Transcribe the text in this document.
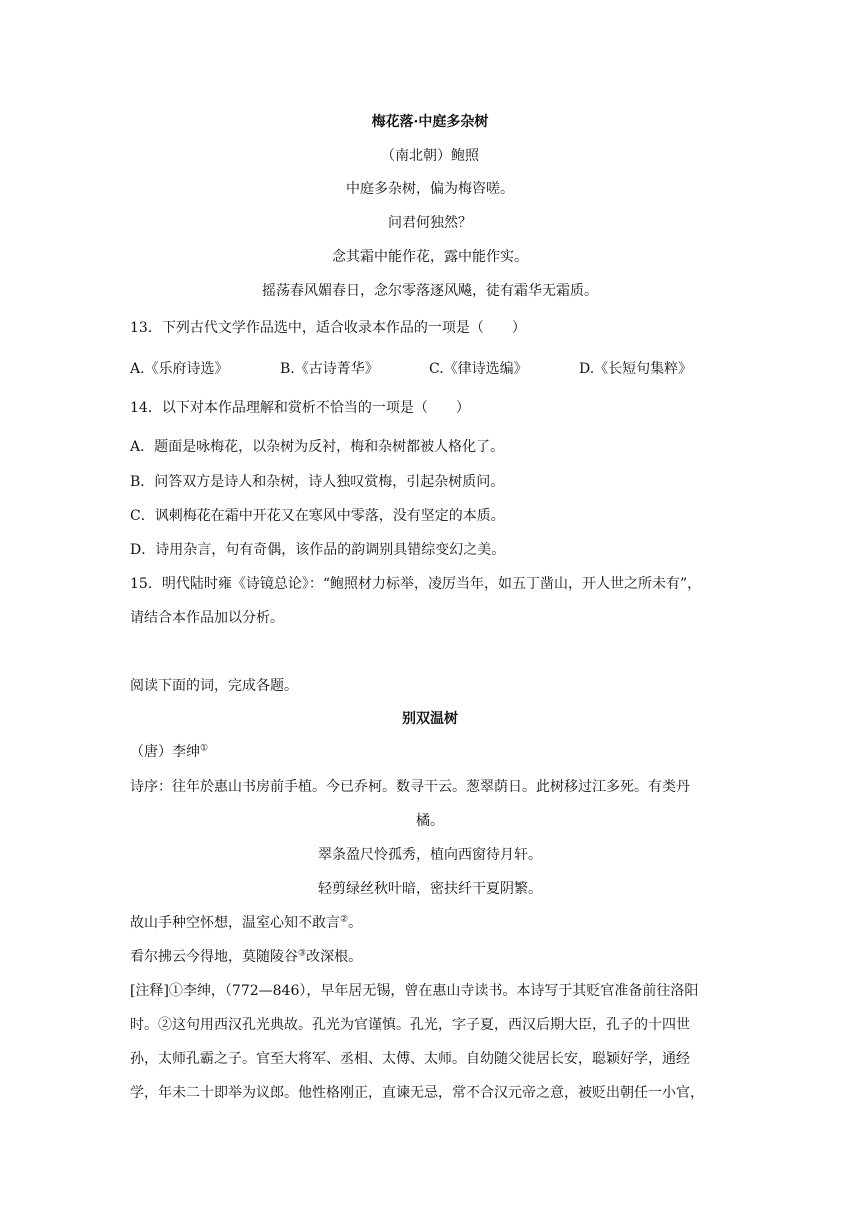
梅花落·中庭多杂树
（南北朝）鲍照
中庭多杂树，偏为梅咨嗟。
问君何独然？
念其霜中能作花，露中能作实。
摇荡春风媚春日，念尔零落逐风飚，徒有霜华无霜质。
13．下列古代文学作品选中，适合收录本作品的一项是（　　）
A.《乐府诗选》	B.《古诗菁华》	C.《律诗选编》	D.《长短句集粹》
14．以下对本作品理解和赏析不恰当的一项是（　　）
A．题面是咏梅花，以杂树为反衬，梅和杂树都被人格化了。
B．问答双方是诗人和杂树，诗人独叹赏梅，引起杂树质问。
C．讽刺梅花在霜中开花又在寒风中零落，没有坚定的本质。
D．诗用杂言，句有奇偶，该作品的韵调别具错综变幻之美。
15．明代陆时雍《诗镜总论》：“鲍照材力标举，凌厉当年，如五丁凿山，开人世之所未有”，
请结合本作品加以分析。
阅读下面的词，完成各题。
别双温树
（唐）李绅①
诗序：往年於惠山书房前手植。今已乔柯。数寻干云。葱翠荫日。此树移过江多死。有类丹
橘。
翠条盈尺怜孤秀，植向西窗待月轩。
轻剪绿丝秋叶暗，密扶纤干夏阴繁。
故山手种空怀想，温室心知不敢言②。
看尔拂云今得地，莫随陵谷③改深根。
[注释]①李绅，（772—846），早年居无锡，曾在惠山寺读书。本诗写于其贬官准备前往洛阳
时。②这句用西汉孔光典故。孔光为官谨慎。孔光，字子夏，西汉后期大臣，孔子的十四世
孙，太师孔霸之子。官至大将军、丞相、太傅、太师。自幼随父徙居长安，聪颖好学，通经
学，年未二十即举为议郎。他性格刚正，直谏无忌，常不合汉元帝之意，被贬出朝任一小官，
